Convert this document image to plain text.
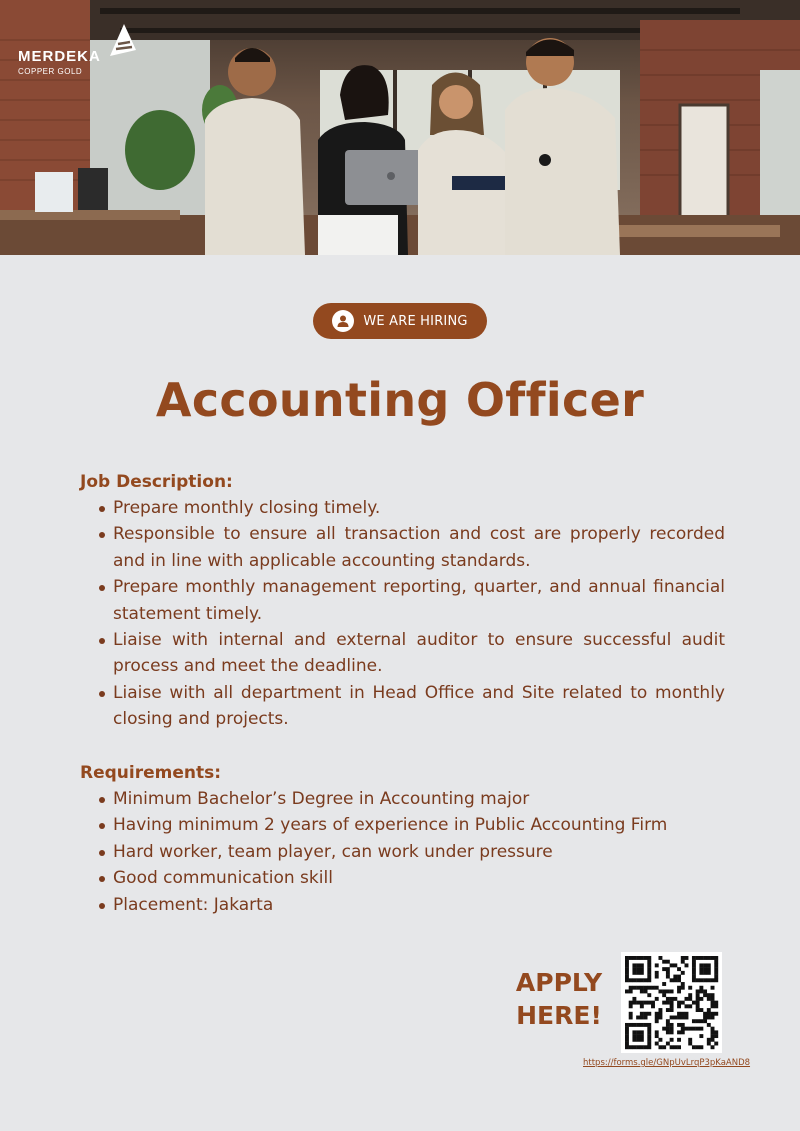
MERDEKA
COPPER GOLD
WE ARE HIRING
Accounting Officer
Job Description:
Prepare monthly closing timely.
Responsible to ensure all transaction and cost are properly recorded and in line with applicable accounting standards.
Prepare monthly management reporting, quarter, and annual financial statement timely.
Liaise with internal and external auditor to ensure successful audit process and meet the deadline.
Liaise with all department in Head Office and Site related to monthly closing and projects.
Requirements:
Minimum Bachelor’s Degree in Accounting major
Having minimum 2 years of experience in Public Accounting Firm
Hard worker, team player, can work under pressure
Good communication skill
Placement: Jakarta
APPLY
HERE!
https://forms.gle/GNpUvLrqP3pKaAND8
